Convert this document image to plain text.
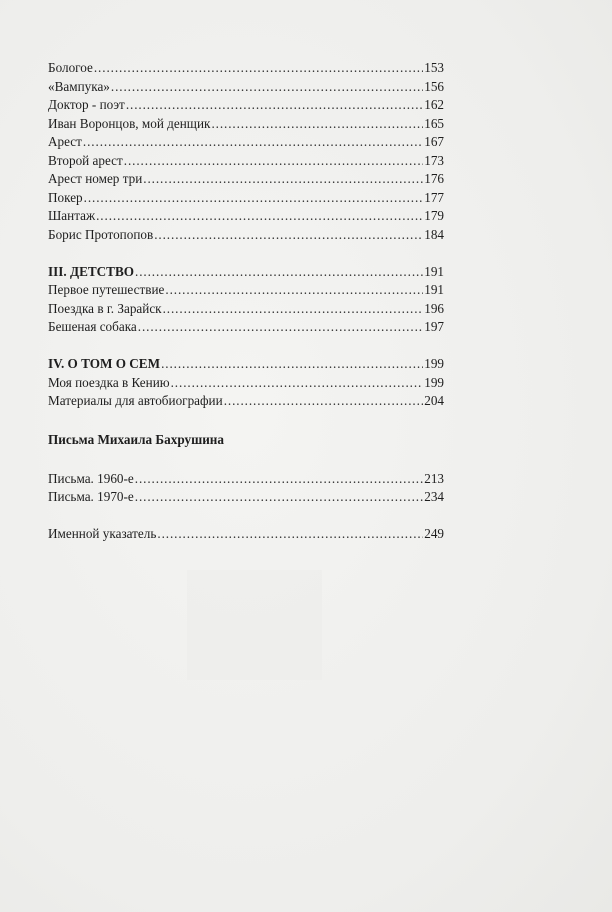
Бологое . . .	153
«Вампука» . . .	156
Доктор - поэт . . .	162
Иван Воронцов, мой денщик . . .	165
Арест . . .	167
Второй арест . . .	173
Арест номер три . . .	176
Покер . . .	177
Шантаж . . .	179
Борис Протопопов . . .	184
III. ДЕТСТВО . . .	191
Первое путешествие . . .	191
Поездка в г. Зарайск . . .	196
Бешеная собака . . .	197
IV. О ТОМ О СЕМ . . .	199
Моя поездка в Кению . . .	199
Материалы для автобиографии . . .	204
Письма Михаила Бахрушина
Письма. 1960-е . . .	213
Письма. 1970-е . . .	234
Именной указатель . . .	249
